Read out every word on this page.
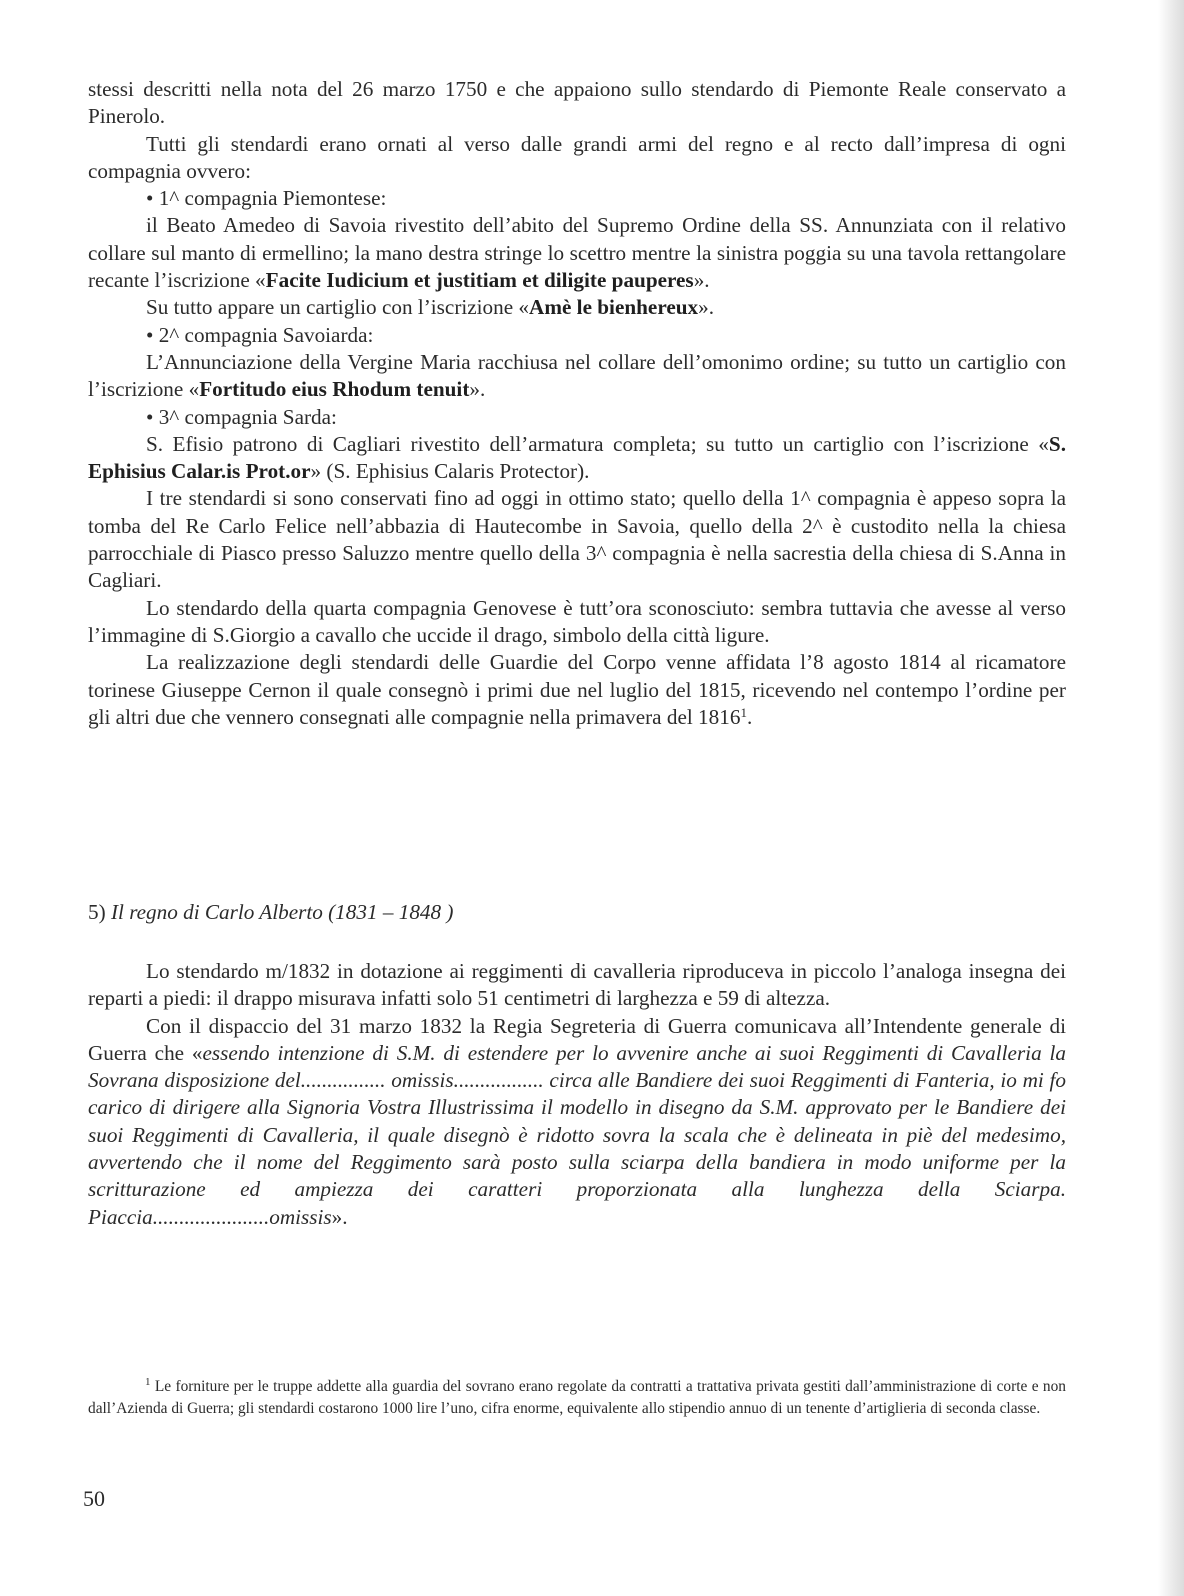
stessi descritti nella nota del 26 marzo 1750 e che appaiono sullo stendardo di Piemonte Reale conservato a Pinerolo.

Tutti gli stendardi erano ornati al verso dalle grandi armi del regno e al recto dall’impresa di ogni compagnia ovvero:

• 1^ compagnia Piemontese:

il Beato Amedeo di Savoia rivestito dell’abito del Supremo Ordine della SS. Annunziata con il relativo collare sul manto di ermellino; la mano destra stringe lo scettro mentre la sinistra poggia su una tavola rettangolare recante l’iscrizione «Facite Iudicium et justitiam et diligite pauperes».

Su tutto appare un cartiglio con l’iscrizione «Amè le bienhereux».

• 2^ compagnia Savoiarda:

L’Annunciazione della Vergine Maria racchiusa nel collare dell’omonimo ordine; su tutto un cartiglio con l’iscrizione «Fortitudo eius Rhodum tenuit».

• 3^ compagnia Sarda:

S. Efisio patrono di Cagliari rivestito dell’armatura completa; su tutto un cartiglio con l’iscrizione «S. Ephisius Calar.is Prot.or» (S. Ephisius Calaris Protector).

I tre stendardi si sono conservati fino ad oggi in ottimo stato; quello della 1^ compagnia è appeso sopra la tomba del Re Carlo Felice nell’abbazia di Hautecombe in Savoia, quello della 2^ è custodito nella la chiesa parrocchiale di Piasco presso Saluzzo mentre quello della 3^ compagnia è nella sacrestia della chiesa di S.Anna in Cagliari.

Lo stendardo della quarta compagnia Genovese è tutt’ora sconosciuto: sembra tuttavia che avesse al verso l’immagine di S.Giorgio a cavallo che uccide il drago, simbolo della città ligure.

La realizzazione degli stendardi delle Guardie del Corpo venne affidata l’8 agosto 1814 al ricamatore torinese Giuseppe Cernon il quale consegnò i primi due nel luglio del 1815, ricevendo nel contempo l’ordine per gli altri due che vennero consegnati alle compagnie nella primavera del 1816$^1$.

5) Il regno di Carlo Alberto (1831 – 1848 )

Lo stendardo m/1832 in dotazione ai reggimenti di cavalleria riproduceva in piccolo l’analoga insegna dei reparti a piedi: il drappo misurava infatti solo 51 centimetri di larghezza e 59 di altezza.

Con il dispaccio del 31 marzo 1832 la Regia Segreteria di Guerra comunicava all’Intendente generale di Guerra che «essendo intenzione di S.M. di estendere per lo avvenire anche ai suoi Reggimenti di Cavalleria la Sovrana disposizione del................ omissis................. circa alle Bandiere dei suoi Reggimenti di Fanteria, io mi fo carico di dirigere alla Signoria Vostra Illustrissima il modello in disegno da S.M. approvato per le Bandiere dei suoi Reggimenti di Cavalleria, il quale disegnò è ridotto sovra la scala che è delineata in piè del medesimo, avvertendo che il nome del Reggimento sarà posto sulla sciarpa della bandiera in modo uniforme per la scritturazione ed ampiezza dei caratteri proporzionata alla lunghezza della Sciarpa. Piaccia......................omissis».

$^1$ Le forniture per le truppe addette alla guardia del sovrano erano regolate da contratti a trattativa privata gestiti dall’amministrazione di corte e non dall’Azienda di Guerra; gli stendardi costarono 1000 lire l’uno, cifra enorme, equivalente allo stipendio annuo di un tenente d’artiglieria di seconda classe.
50
